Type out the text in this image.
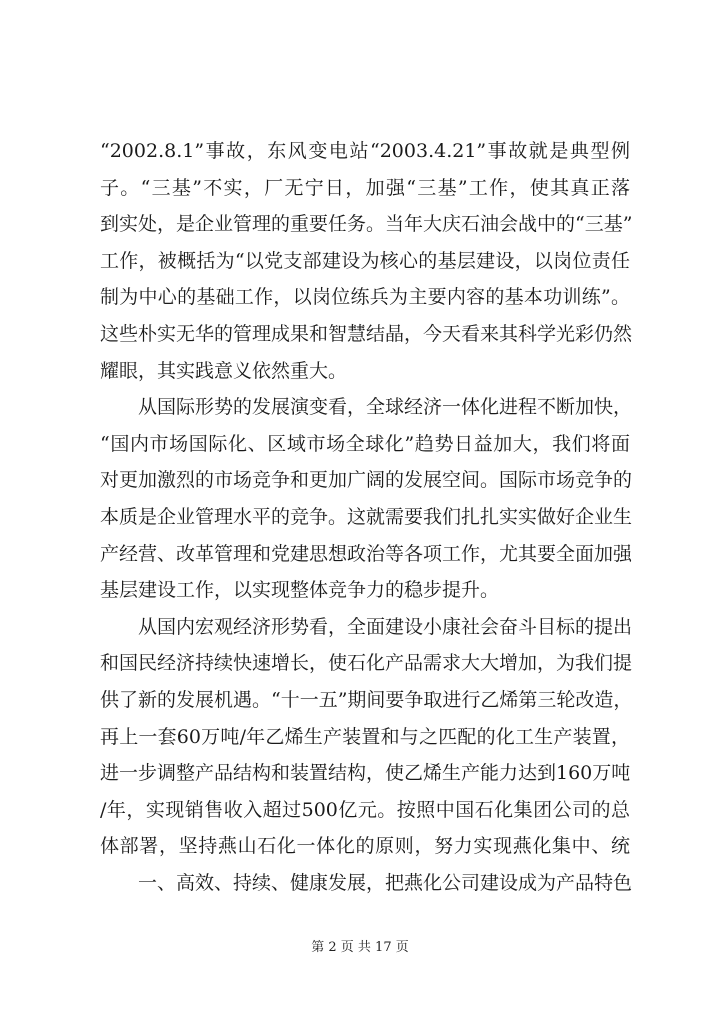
“2002.8.1”事故，东风变电站“2003.4.21”事故就是典型例
子。“三基”不实，厂无宁日，加强“三基”工作，使其真正落
到实处，是企业管理的重要任务。当年大庆石油会战中的“三基”
工作，被概括为“以党支部建设为核心的基层建设，以岗位责任
制为中心的基础工作，以岗位练兵为主要内容的基本功训练”。
这些朴实无华的管理成果和智慧结晶，今天看来其科学光彩仍然
耀眼，其实践意义依然重大。
从国际形势的发展演变看，全球经济一体化进程不断加快，
“国内市场国际化、区域市场全球化”趋势日益加大，我们将面
对更加激烈的市场竞争和更加广阔的发展空间。国际市场竞争的
本质是企业管理水平的竞争。这就需要我们扎扎实实做好企业生
产经营、改革管理和党建思想政治等各项工作，尤其要全面加强
基层建设工作，以实现整体竞争力的稳步提升。
从国内宏观经济形势看，全面建设小康社会奋斗目标的提出
和国民经济持续快速增长，使石化产品需求大大增加，为我们提
供了新的发展机遇。“十一五”期间要争取进行乙烯第三轮改造，
再上一套60万吨/年乙烯生产装置和与之匹配的化工生产装置，
进一步调整产品结构和装置结构，使乙烯生产能力达到160万吨
/年，实现销售收入超过500亿元。按照中国石化集团公司的总
体部署，坚持燕山石化一体化的原则，努力实现燕化集中、统
一、高效、持续、健康发展，把燕化公司建设成为产品特色
第 2 页 共 17 页
